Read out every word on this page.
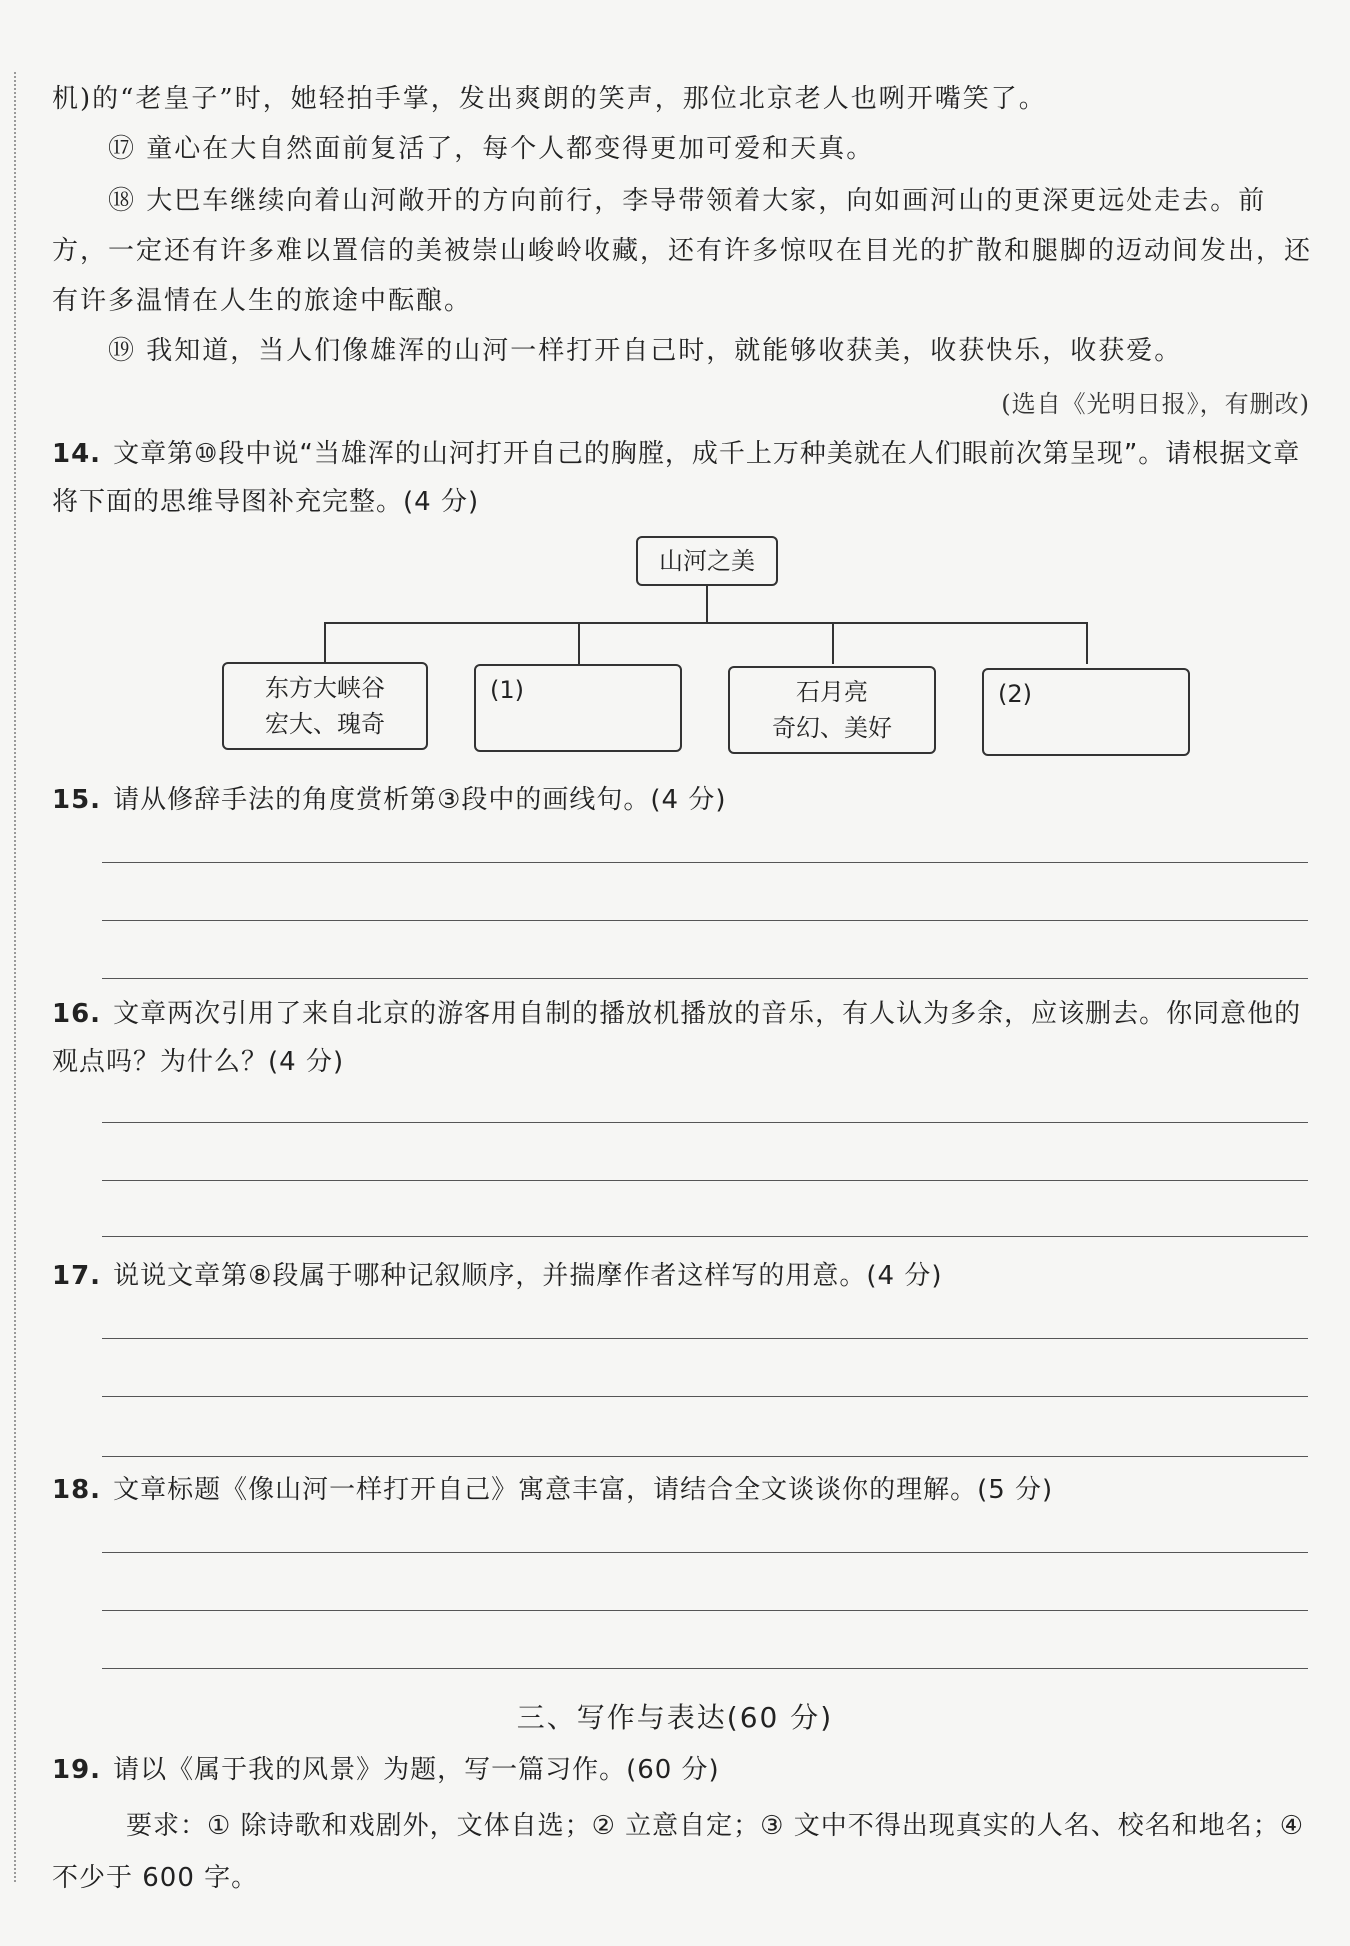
机)的“老皇子”时，她轻拍手掌，发出爽朗的笑声，那位北京老人也咧开嘴笑了。
⑰ 童心在大自然面前复活了，每个人都变得更加可爱和天真。
⑱ 大巴车继续向着山河敞开的方向前行，李导带领着大家，向如画河山的更深更远处走去。前方，一定还有许多难以置信的美被崇山峻岭收藏，还有许多惊叹在目光的扩散和腿脚的迈动间发出，还有许多温情在人生的旅途中酝酿。
⑲ 我知道，当人们像雄浑的山河一样打开自己时，就能够收获美，收获快乐，收获爱。
(选自《光明日报》，有删改)
14. 文章第⑩段中说“当雄浑的山河打开自己的胸膛，成千上万种美就在人们眼前次第呈现”。请根据文章将下面的思维导图补充完整。(4 分)
山河之美
东方大峡谷
宏大、瑰奇
(1)	石月亮
奇幻、美好
(2)
15. 请从修辞手法的角度赏析第③段中的画线句。(4 分)
16. 文章两次引用了来自北京的游客用自制的播放机播放的音乐，有人认为多余，应该删去。你同意他的观点吗？为什么？(4 分)
17. 说说文章第⑧段属于哪种记叙顺序，并揣摩作者这样写的用意。(4 分)
18. 文章标题《像山河一样打开自己》寓意丰富，请结合全文谈谈你的理解。(5 分)
三、写作与表达(60 分)
19. 请以《属于我的风景》为题，写一篇习作。(60 分)
要求：① 除诗歌和戏剧外，文体自选；② 立意自定；③ 文中不得出现真实的人名、校名和地名；④ 不少于 600 字。
